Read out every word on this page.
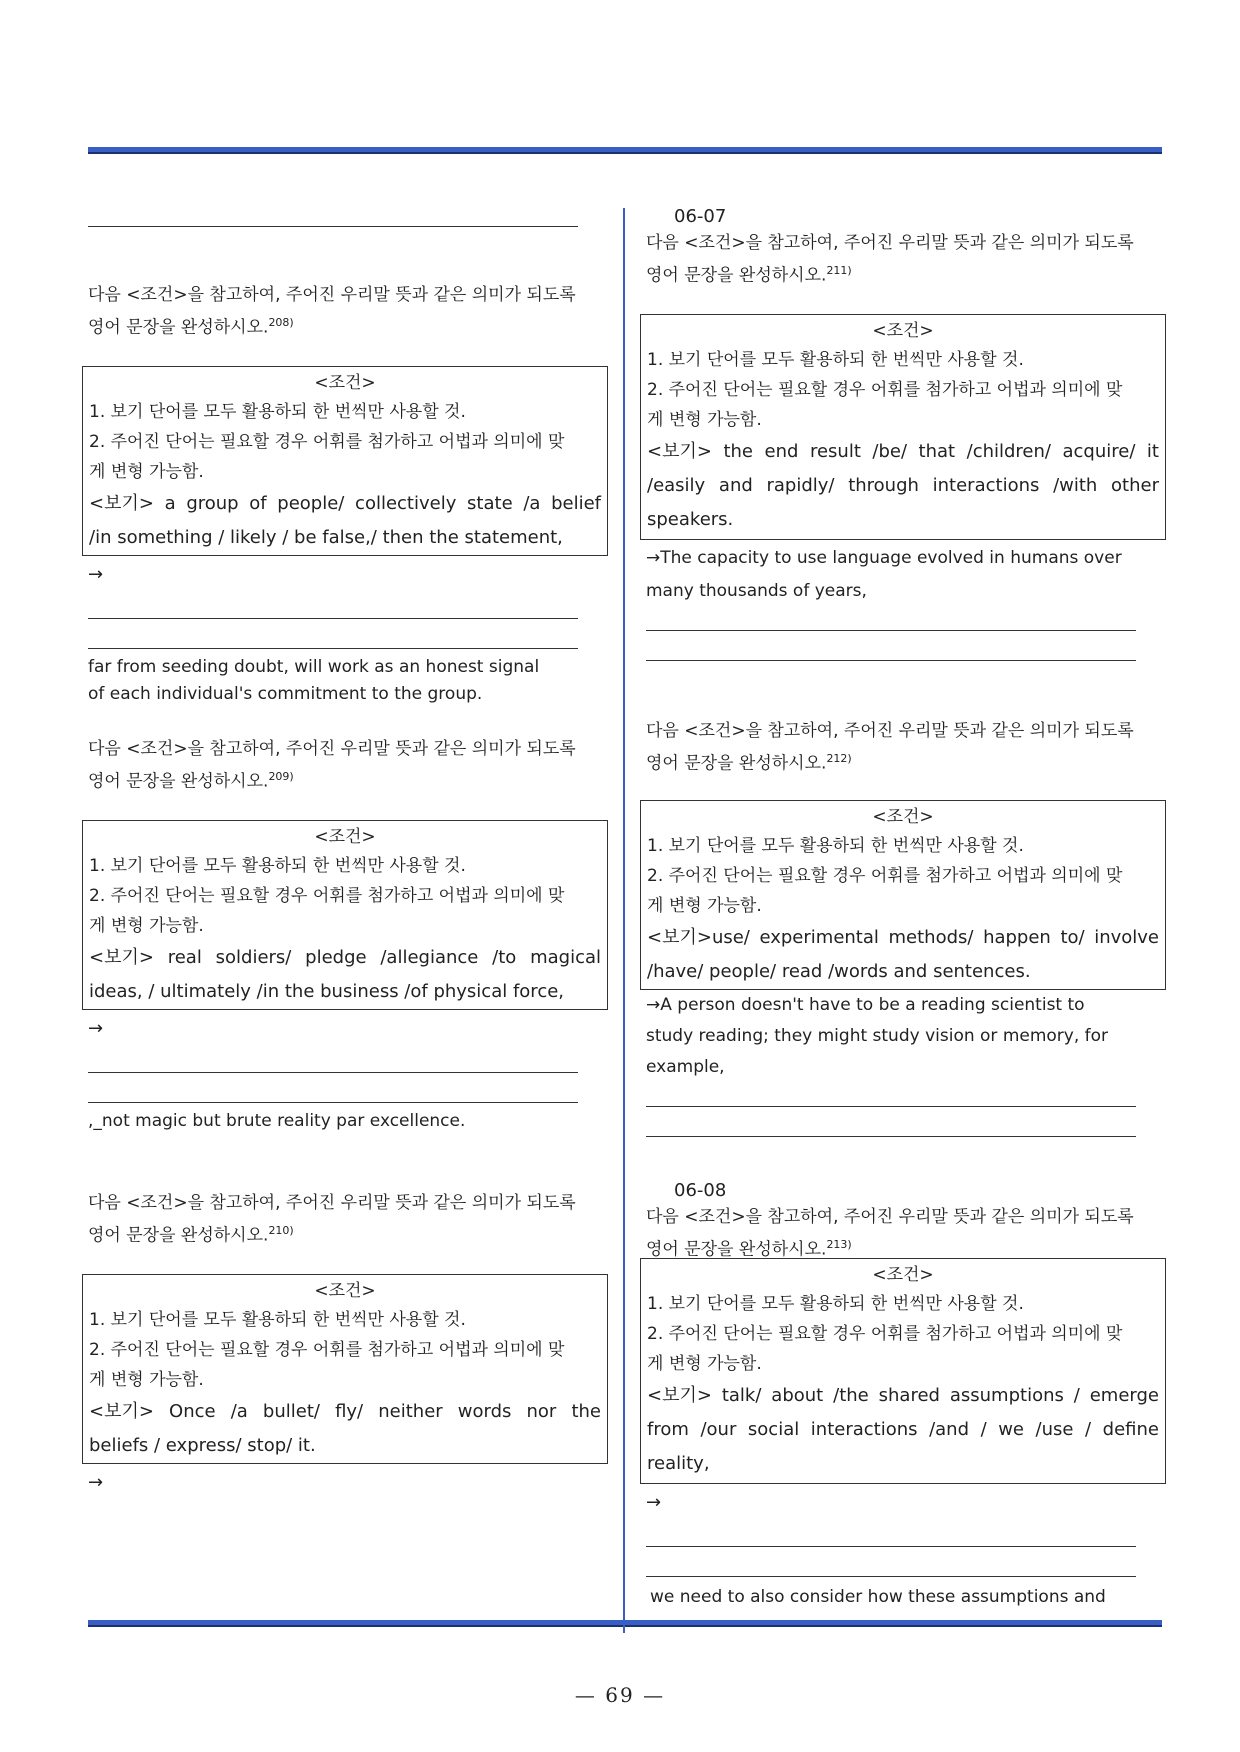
다음 <조건>을 참고하여, 주어진 우리말 뜻과 같은 의미가 되도록

영어 문장을 완성하시오.$^{208)}$

<조건>
1. 보기 단어를 모두 활용하되 한 번씩만 사용할 것.
2. 주어진 단어는 필요할 경우 어휘를 첨가하고 어법과 의미에 맞
게 변형 가능함.
<보기> a group of people/ collectively state /a belief
/in something / likely / be false,/ then the statement,
→

far from seeding doubt, will work as an honest signal

of each individual's commitment to the group.

다음 <조건>을 참고하여, 주어진 우리말 뜻과 같은 의미가 되도록

영어 문장을 완성하시오.$^{209)}$

<조건>
1. 보기 단어를 모두 활용하되 한 번씩만 사용할 것.
2. 주어진 단어는 필요할 경우 어휘를 첨가하고 어법과 의미에 맞
게 변형 가능함.
<보기> real soldiers/ pledge /allegiance /to magical
ideas, / ultimately /in the business /of physical force,
→

,_not magic but brute reality par excellence.

다음 <조건>을 참고하여, 주어진 우리말 뜻과 같은 의미가 되도록

영어 문장을 완성하시오.$^{210)}$

<조건>
1. 보기 단어를 모두 활용하되 한 번씩만 사용할 것.
2. 주어진 단어는 필요할 경우 어휘를 첨가하고 어법과 의미에 맞
게 변형 가능함.
<보기> Once /a bullet/ fly/ neither words nor the
beliefs / express/ stop/ it.
→
06-07

다음 <조건>을 참고하여, 주어진 우리말 뜻과 같은 의미가 되도록

영어 문장을 완성하시오.$^{211)}$

<조건>
1. 보기 단어를 모두 활용하되 한 번씩만 사용할 것.
2. 주어진 단어는 필요할 경우 어휘를 첨가하고 어법과 의미에 맞
게 변형 가능함.
<보기> the end result /be/ that /children/ acquire/ it
/easily and rapidly/ through interactions /with other
speakers.

→The capacity to use language evolved in humans over

many thousands of years,

다음 <조건>을 참고하여, 주어진 우리말 뜻과 같은 의미가 되도록

영어 문장을 완성하시오.$^{212)}$

<조건>
1. 보기 단어를 모두 활용하되 한 번씩만 사용할 것.
2. 주어진 단어는 필요할 경우 어휘를 첨가하고 어법과 의미에 맞
게 변형 가능함.
<보기>use/ experimental methods/ happen to/ involve
/have/ people/ read /words and sentences.

→A person doesn't have to be a reading scientist to

study reading; they might study vision or memory, for

example,

06-08

다음 <조건>을 참고하여, 주어진 우리말 뜻과 같은 의미가 되도록

영어 문장을 완성하시오.$^{213)}$

<조건>
1. 보기 단어를 모두 활용하되 한 번씩만 사용할 것.
2. 주어진 단어는 필요할 경우 어휘를 첨가하고 어법과 의미에 맞
게 변형 가능함.
<보기> talk/ about /the shared assumptions / emerge
from /our social interactions /and / we /use / define
reality,
→

we need to also consider how these assumptions and

— 69 —
